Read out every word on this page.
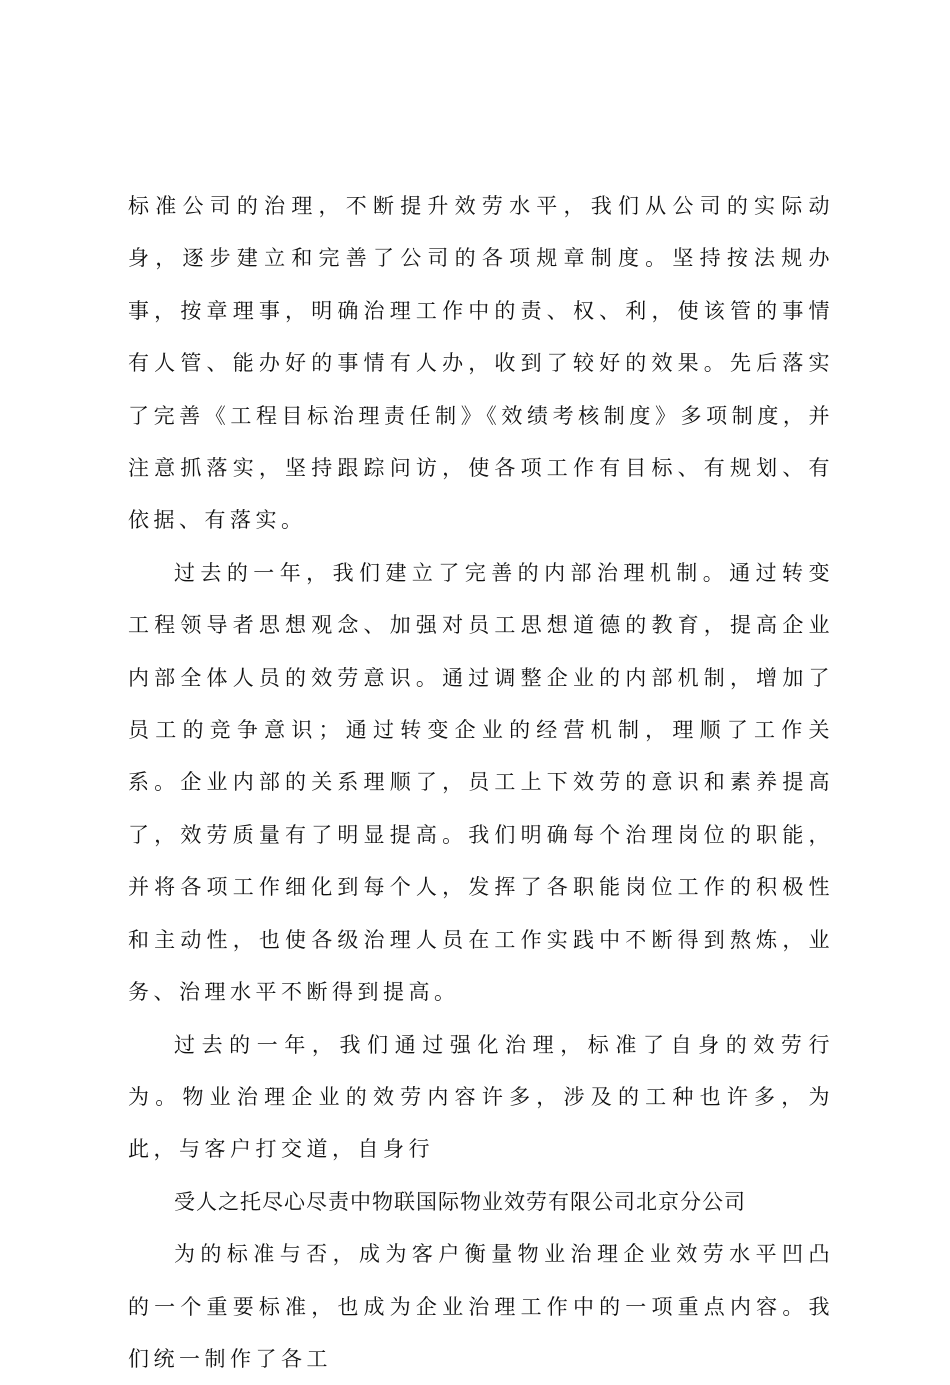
标准公司的治理，不断提升效劳水平，我们从公司的实际动身，逐步建立和完善了公司的各项规章制度。坚持按法规办事，按章理事，明确治理工作中的责、权、利，使该管的事情有人管、能办好的事情有人办，收到了较好的效果。先后落实了完善《工程目标治理责任制》《效绩考核制度》多项制度，并注意抓落实，坚持跟踪问访，使各项工作有目标、有规划、有依据、有落实。

过去的一年，我们建立了完善的内部治理机制。通过转变工程领导者思想观念、加强对员工思想道德的教育，提高企业内部全体人员的效劳意识。通过调整企业的内部机制，增加了员工的竞争意识；通过转变企业的经营机制，理顺了工作关系。企业内部的关系理顺了，员工上下效劳的意识和素养提高了，效劳质量有了明显提高。我们明确每个治理岗位的职能，并将各项工作细化到每个人，发挥了各职能岗位工作的积极性和主动性，也使各级治理人员在工作实践中不断得到熬炼，业务、治理水平不断得到提高。

过去的一年，我们通过强化治理，标准了自身的效劳行为。物业治理企业的效劳内容许多，涉及的工种也许多，为此，与客户打交道，自身行

受人之托尽心尽责中物联国际物业效劳有限公司北京分公司

为的标准与否，成为客户衡量物业治理企业效劳水平凹凸的一个重要标准，也成为企业治理工作中的一项重点内容。我们统一制作了各工
